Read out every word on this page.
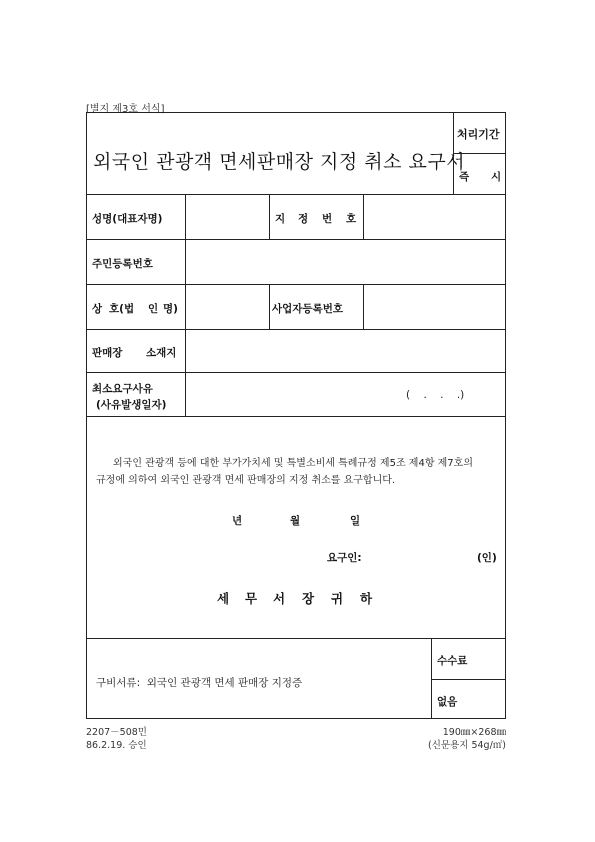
[별지 제3호 서식]
외국인 관광객 면세판매장 지정 취소 요구서
처리기간
즉 시
성명(대표자명)	지 정 번 호
주민등록번호
상 호(법 인 명)	사업자등록번호
판매장 소재지
최소요구사유
(사유발생일자)
(    .    .    .)
외국인 관광객 등에 대한 부가가치세 및 특별소비세 특례규정 제5조 제4항 제7호의
규정에 의하여 외국인 관광객 면세 판매장의 지정 취소를 요구합니다.
년	월	일
요구인:	(인)
세 무 서 장 귀 하
구비서류:  외국인 관광객 면세 판매장 지정증
수수료
없음
2207－508민
86.2.19. 승인
190㎜×268㎜
(신문용지 54g/㎡)
